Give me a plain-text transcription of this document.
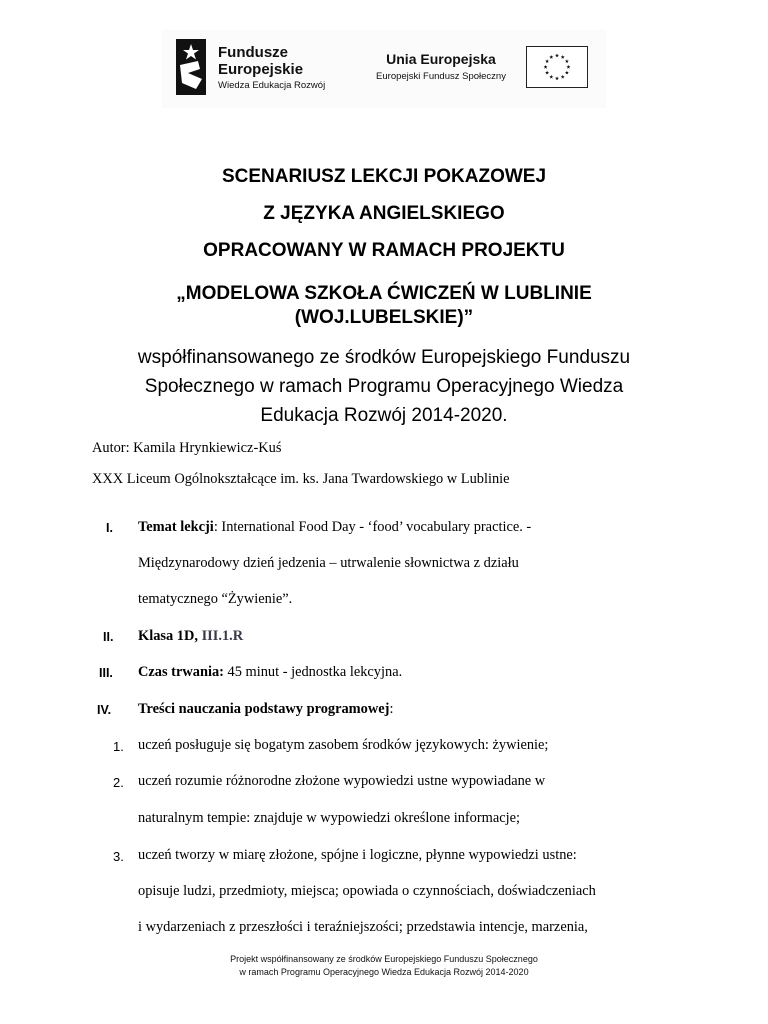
Fundusze
Europejskie
Wiedza Edukacja Rozwój
Unia Europejska
Europejski Fundusz Społeczny
SCENARIUSZ LEKCJI POKAZOWEJ
Z JĘZYKA ANGIELSKIEGO
OPRACOWANY W RAMACH PROJEKTU
„MODELOWA SZKOŁA ĆWICZEŃ W LUBLINIE
(WOJ.LUBELSKIE)”
współfinansowanego ze środków Europejskiego Funduszu
Społecznego w ramach Programu Operacyjnego Wiedza
Edukacja Rozwój 2014-2020.
Autor: Kamila Hrynkiewicz-Kuś
XXX Liceum Ogólnokształcące im. ks. Jana Twardowskiego w Lublinie
I. Temat lekcji: International Food Day - ‘food’ vocabulary practice. -
Międzynarodowy dzień jedzenia – utrwalenie słownictwa z działu
tematycznego “Żywienie”.
II. Klasa 1D, III.1.R
III. Czas trwania: 45 minut - jednostka lekcyjna.
IV. Treści nauczania podstawy programowej:
1. uczeń posługuje się bogatym zasobem środków językowych: żywienie;
2. uczeń rozumie różnorodne złożone wypowiedzi ustne wypowiadane w
naturalnym tempie: znajduje w wypowiedzi określone informacje;
3. uczeń tworzy w miarę złożone, spójne i logiczne, płynne wypowiedzi ustne:
opisuje ludzi, przedmioty, miejsca; opowiada o czynnościach, doświadczeniach
i wydarzeniach z przeszłości i teraźniejszości; przedstawia intencje, marzenia,
Projekt współfinansowany ze środków Europejskiego Funduszu Społecznego
w ramach Programu Operacyjnego Wiedza Edukacja Rozwój 2014-2020
